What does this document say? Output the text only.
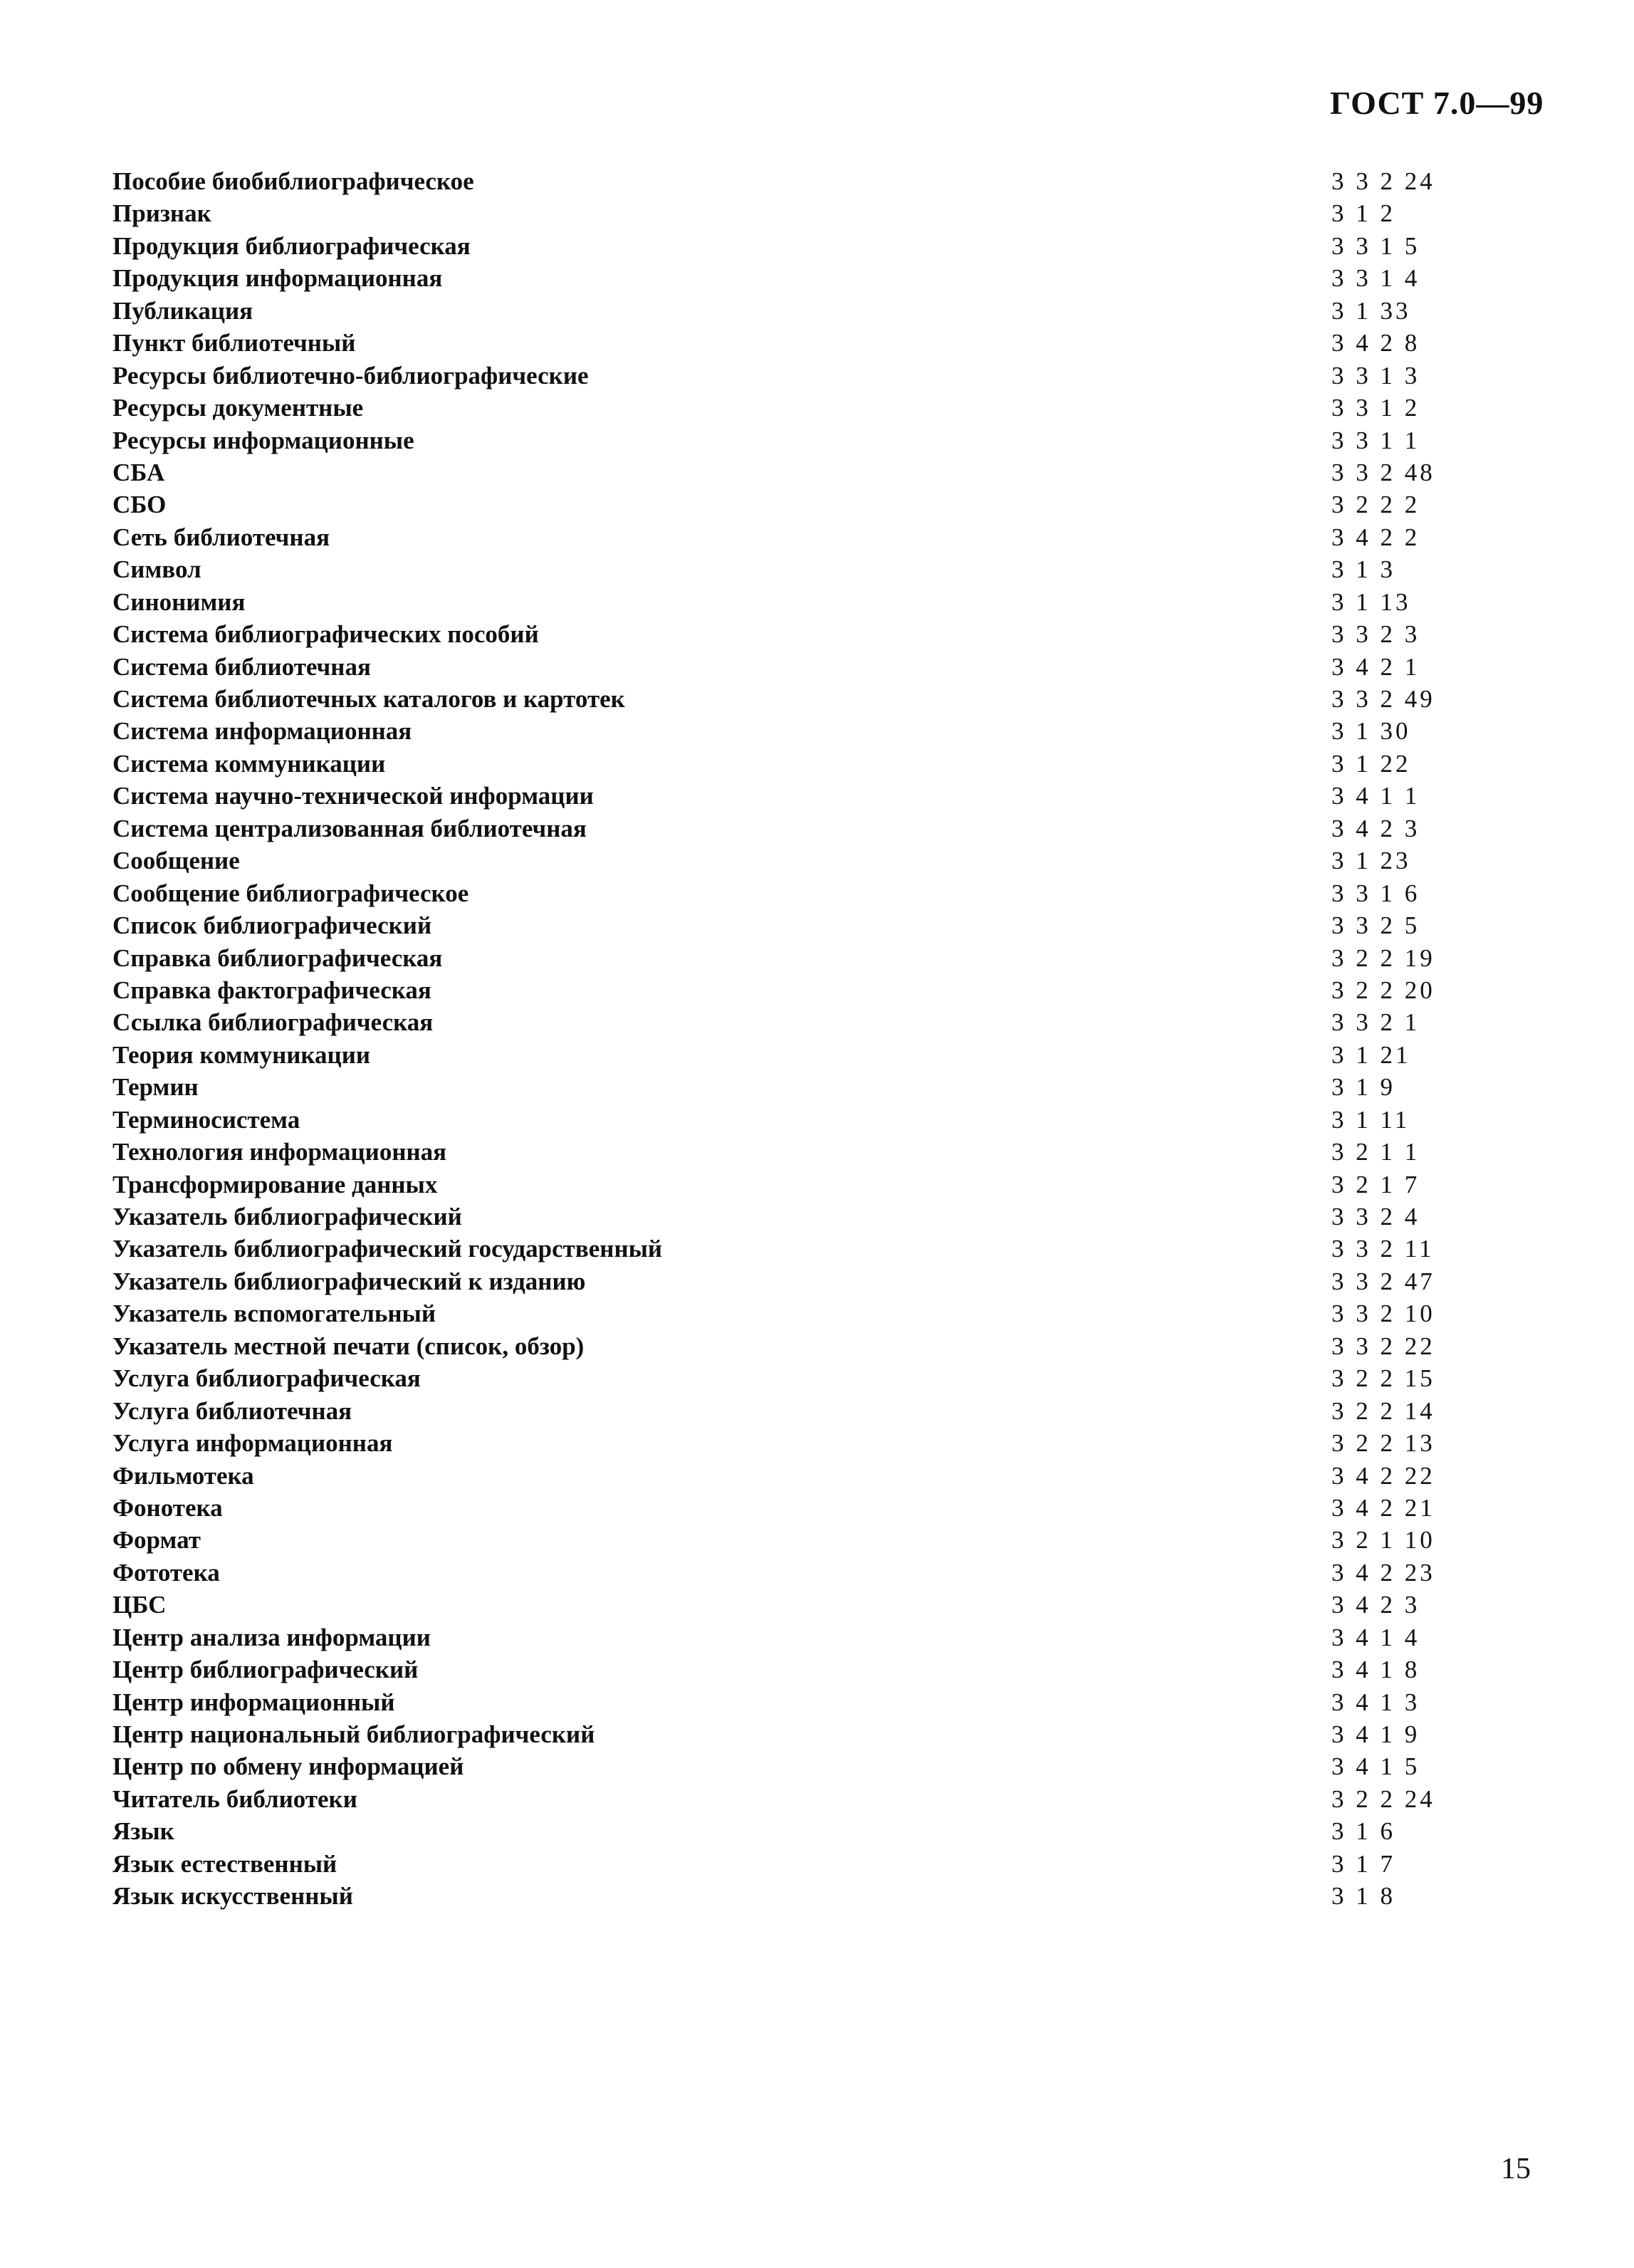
ГОСТ 7.0—99
Пособие биобиблиографическое	3 3 2 24
Признак	3 1 2
Продукция библиографическая	3 3 1 5
Продукция информационная	3 3 1 4
Публикация	3 1 33
Пункт библиотечный	3 4 2 8
Ресурсы библиотечно-библиографические	3 3 1 3
Ресурсы документные	3 3 1 2
Ресурсы информационные	3 3 1 1
СБА	3 3 2 48
СБО	3 2 2 2
Сеть библиотечная	3 4 2 2
Символ	3 1 3
Синонимия	3 1 13
Система библиографических пособий	3 3 2 3
Система библиотечная	3 4 2 1
Система библиотечных каталогов и картотек	3 3 2 49
Система информационная	3 1 30
Система коммуникации	3 1 22
Система научно-технической информации	3 4 1 1
Система централизованная библиотечная	3 4 2 3
Сообщение	3 1 23
Сообщение библиографическое	3 3 1 6
Список библиографический	3 3 2 5
Справка библиографическая	3 2 2 19
Справка фактографическая	3 2 2 20
Ссылка библиографическая	3 3 2 1
Теория коммуникации	3 1 21
Термин	3 1 9
Терминосистема	3 1 11
Технология информационная	3 2 1 1
Трансформирование данных	3 2 1 7
Указатель библиографический	3 3 2 4
Указатель библиографический государственный	3 3 2 11
Указатель библиографический к изданию	3 3 2 47
Указатель вспомогательный	3 3 2 10
Указатель местной печати (список, обзор)	3 3 2 22
Услуга библиографическая	3 2 2 15
Услуга библиотечная	3 2 2 14
Услуга информационная	3 2 2 13
Фильмотека	3 4 2 22
Фонотека	3 4 2 21
Формат	3 2 1 10
Фототека	3 4 2 23
ЦБС	3 4 2 3
Центр анализа информации	3 4 1 4
Центр библиографический	3 4 1 8
Центр информационный	3 4 1 3
Центр национальный библиографический	3 4 1 9
Центр по обмену информацией	3 4 1 5
Читатель библиотеки	3 2 2 24
Язык	3 1 6
Язык естественный	3 1 7
Язык искусственный	3 1 8
15
